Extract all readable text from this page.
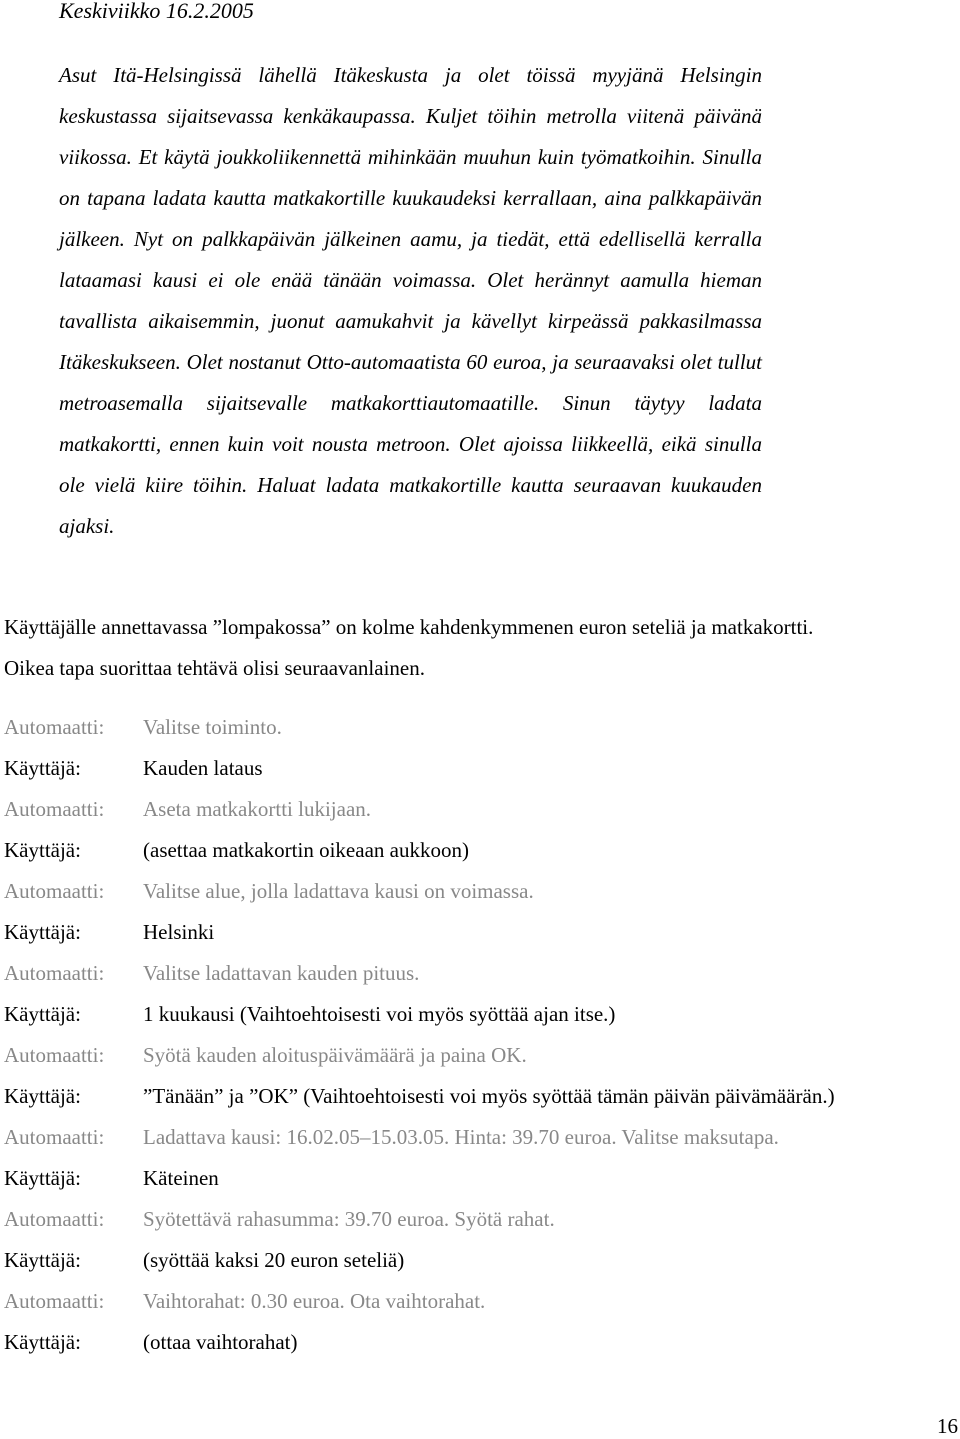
Keskiviikko 16.2.2005

Asut Itä-Helsingissä lähellä Itäkeskusta ja olet töissä myyjänä Helsingin keskustassa sijaitsevassa kenkäkaupassa. Kuljet töihin metrolla viitenä päivänä viikossa. Et käytä joukkoliikennettä mihinkään muuhun kuin työmatkoihin. Sinulla on tapana ladata kautta matkakortille kuukaudeksi kerrallaan, aina palkkapäivän jälkeen. Nyt on palkkapäivän jälkeinen aamu, ja tiedät, että edellisellä kerralla lataamasi kausi ei ole enää tänään voimassa. Olet herännyt aamulla hieman tavallista aikaisemmin, juonut aamukahvit ja kävellyt kirpeässä pakkasilmassa Itäkeskukseen. Olet nostanut Otto-automaatista 60 euroa, ja seuraavaksi olet tullut metroasemalla sijaitsevalle matkakorttiautomaatille. Sinun täytyy ladata matkakortti, ennen kuin voit nousta metroon. Olet ajoissa liikkeellä, eikä sinulla ole vielä kiire töihin. Haluat ladata matkakortille kautta seuraavan kuukauden ajaksi.

Käyttäjälle annettavassa ”lompakossa” on kolme kahdenkymmenen euron seteliä ja matkakortti.
Oikea tapa suorittaa tehtävä olisi seuraavanlainen.

Automaatti:	Valitse toiminto.
Käyttäjä:	Kauden lataus
Automaatti:	Aseta matkakortti lukijaan.
Käyttäjä:	(asettaa matkakortin oikeaan aukkoon)
Automaatti:	Valitse alue, jolla ladattava kausi on voimassa.
Käyttäjä:	Helsinki
Automaatti:	Valitse ladattavan kauden pituus.
Käyttäjä:	1 kuukausi (Vaihtoehtoisesti voi myös syöttää ajan itse.)
Automaatti:	Syötä kauden aloituspäivämäärä ja paina OK.
Käyttäjä:	”Tänään” ja ”OK” (Vaihtoehtoisesti voi myös syöttää tämän päivän päivämäärän.)
Automaatti:	Ladattava kausi: 16.02.05–15.03.05. Hinta: 39.70 euroa. Valitse maksutapa.
Käyttäjä:	Käteinen
Automaatti:	Syötettävä rahasumma: 39.70 euroa. Syötä rahat.
Käyttäjä:	(syöttää kaksi 20 euron seteliä)
Automaatti:	Vaihtorahat: 0.30 euroa. Ota vaihtorahat.
Käyttäjä:	(ottaa vaihtorahat)

16
